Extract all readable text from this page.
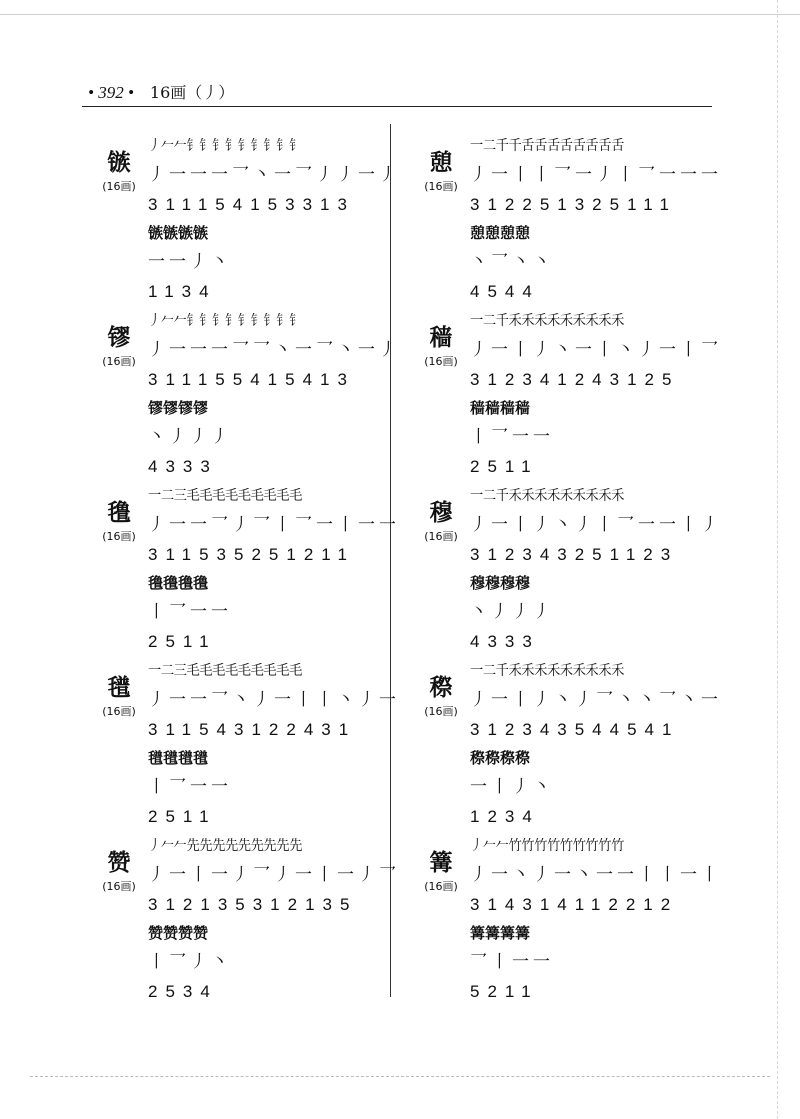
• 392 • 16画（丿）
镞
(16画)
丿𠂉𠂉钅钅钅钅钅钅钅钅钅
丿一一一乛丶一乛丿丿一丿
311154153313
镞镞镞镞
一一丿丶
1134
镠
(16画)
丿𠂉𠂉钅钅钅钅钅钅钅钅钅
丿一一一乛乛丶一乛丶一丿
311155415413
镠镠镠镠
丶丿丿丿
4333
氇
(16画)
一二三毛毛毛毛毛毛毛毛毛
丿一一乛丿乛丨乛一丨一一
311535251211
氇氇氇氇
丨乛一一
2511
氆
(16画)
一二三毛毛毛毛毛毛毛毛毛
丿一一乛丶丿一丨丨丶丿一
311543122431
氆氆氆氆
丨乛一一
2511
赞
(16画)
丿𠂉𠂉先先先先先先先先先
丿一丨一丿乛丿一丨一丿乛
312135312135
赞赞赞赞
丨乛丿丶
2534
憩
(16画)
一二千千舌舌舌舌舌舌舌舌
丿一丨丨乛一丿丨乛一一一
312251325111
憩憩憩憩
丶乛丶丶
4544
穑
(16画)
一二千禾禾禾禾禾禾禾禾禾
丿一丨丿丶一丨丶丿一丨乛
312341243125
穑穑穑穑
丨乛一一
2511
穆
(16画)
一二千禾禾禾禾禾禾禾禾禾
丿一丨丿丶丿丨乛一一丨丿
312343251123
穆穆穆穆
丶丿丿丿
4333
穄
(16画)
一二千禾禾禾禾禾禾禾禾禾
丿一丨丿丶丿乛丶丶乛丶一
312343544541
穄穄穄穄
一丨丿丶
1234
篝
(16画)
丿𠂉𠂉竹竹竹竹竹竹竹竹竹
丿一丶丿一丶一一丨丨一丨
314314112212
篝篝篝篝
乛丨一一
5211
